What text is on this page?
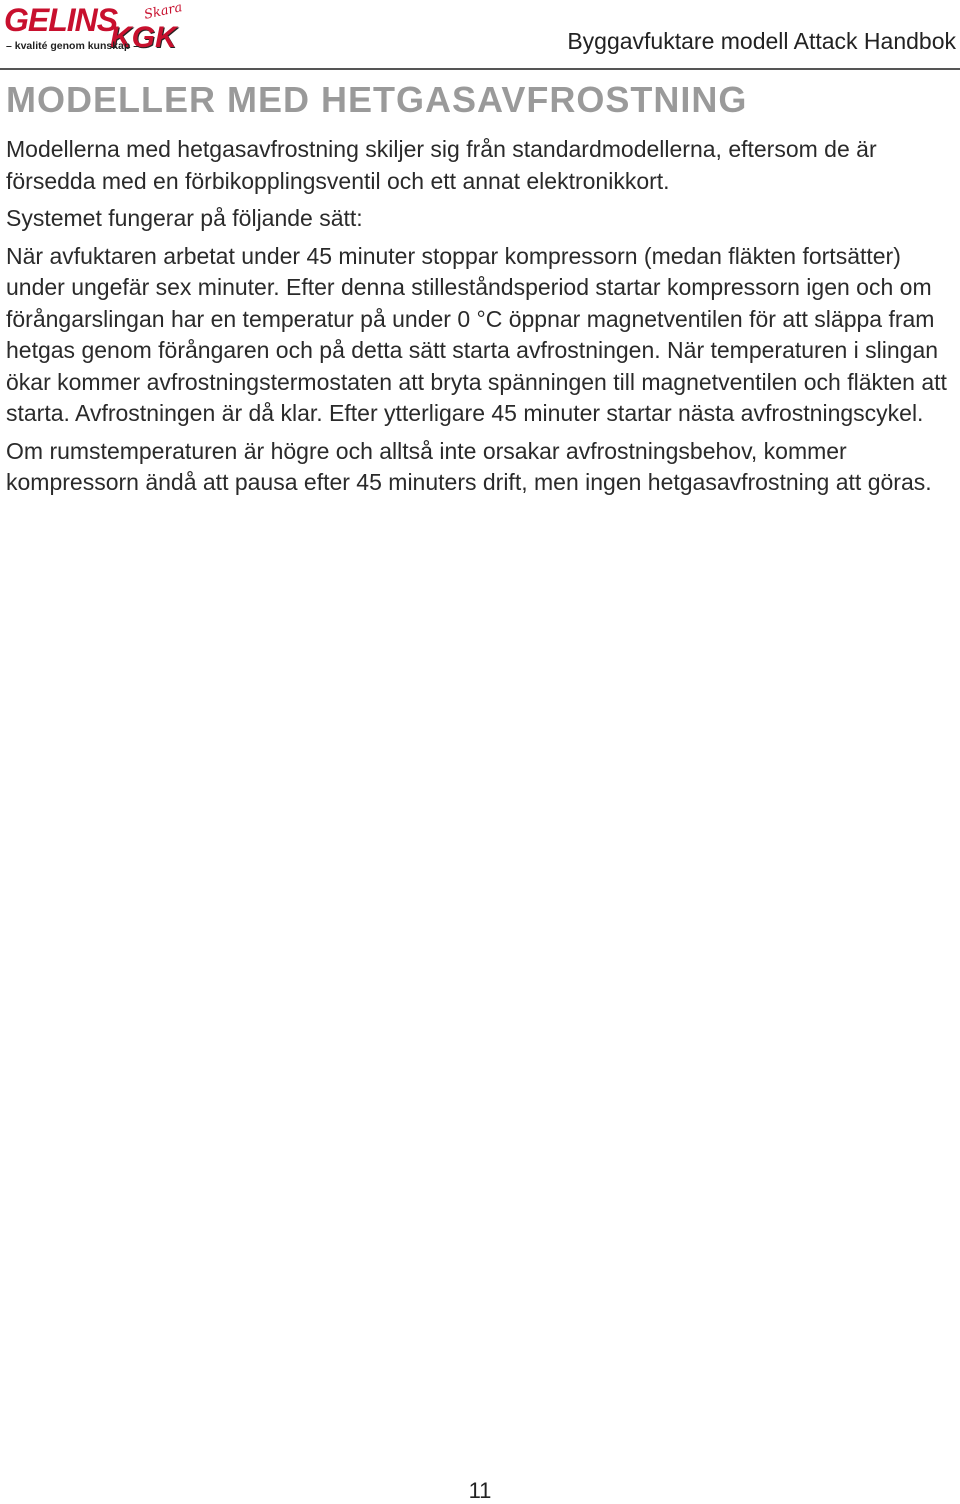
GELINS Skara
KGK
– kvalité genom kunskap –	Byggavfuktare modell Attack Handbok
MODELLER MED HETGASAVFROSTNING

Modellerna med hetgasavfrostning skiljer sig från standardmodellerna, eftersom de är försedda med en förbikopplingsventil och ett annat elektronikkort.

Systemet fungerar på följande sätt:

När avfuktaren arbetat under 45 minuter stoppar kompressorn (medan fläkten fortsätter) under ungefär sex minuter. Efter denna stilleståndsperiod startar kompressorn igen och om förångarslingan har en temperatur på under 0 °C öppnar magnetventilen för att släppa fram hetgas genom förångaren och på detta sätt starta avfrostningen. När temperaturen i slingan ökar kommer avfrostningstermostaten att bryta spänningen till magnetventilen och fläkten att starta. Avfrostningen är då klar. Efter ytterligare 45 minuter startar nästa avfrostningscykel.

Om rumstemperaturen är högre och alltså inte orsakar avfrostningsbehov, kommer kompressorn ändå att pausa efter 45 minuters drift, men ingen hetgasavfrostning att göras.

11
